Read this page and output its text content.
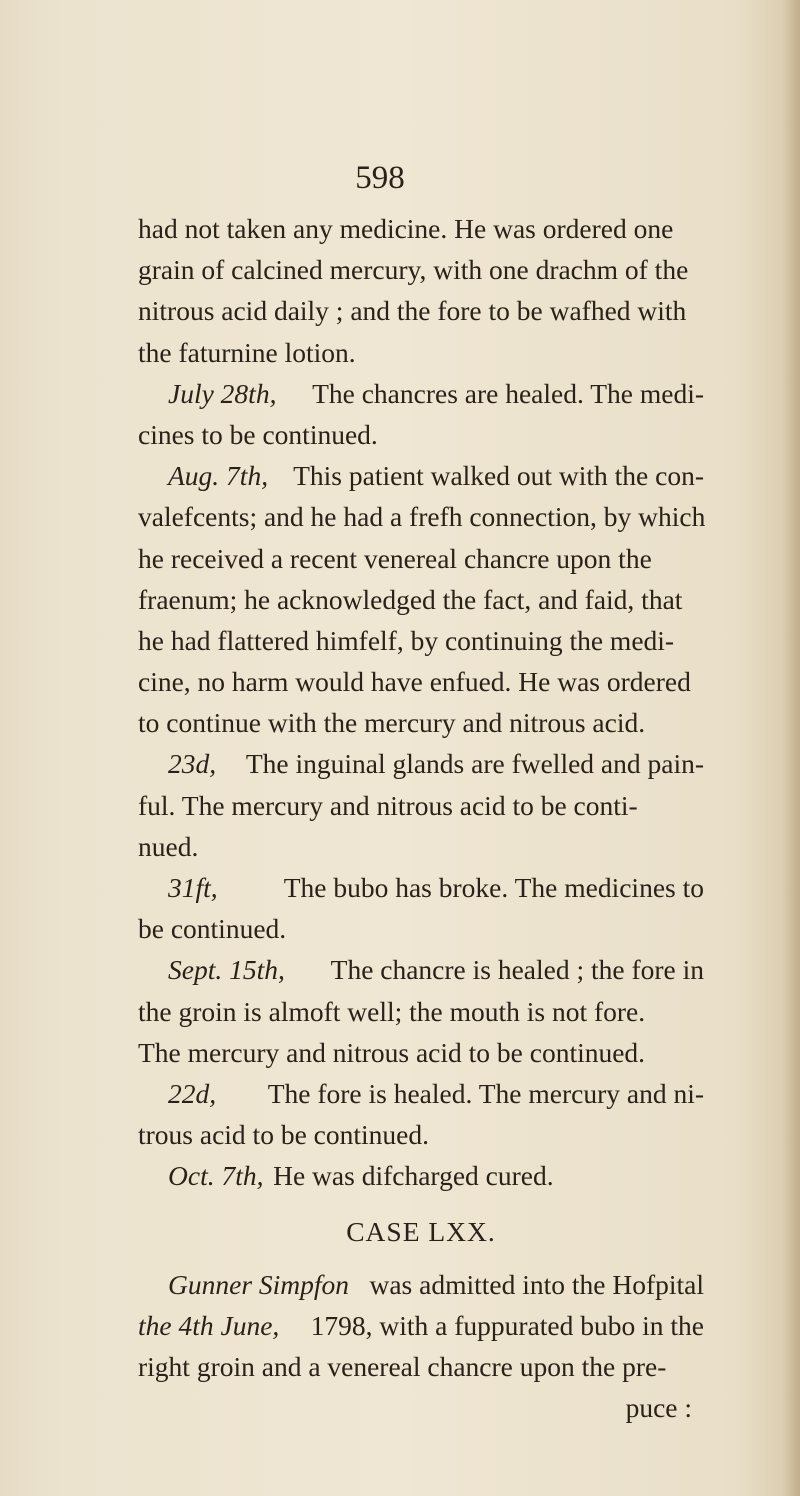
598
had not taken any medicine. He was ordered one
grain of calcined mercury, with one drachm of the
nitrous acid daily ; and the fore to be wafhed with
the faturnine lotion.
July 28th, The chancres are healed. The medi-
cines to be continued.
Aug. 7th, This patient walked out with the con-
valefcents; and he had a frefh connection, by which
he received a recent venereal chancre upon the
fraenum; he acknowledged the fact, and faid, that
he had flattered himfelf, by continuing the medi-
cine, no harm would have enfued. He was ordered
to continue with the mercury and nitrous acid.
23d, The inguinal glands are fwelled and pain-
ful. The mercury and nitrous acid to be conti-
nued.
31ft, The bubo has broke. The medicines to
be continued.
Sept. 15th, The chancre is healed ; the fore in
the groin is almoft well; the mouth is not fore.
The mercury and nitrous acid to be continued.
22d, The fore is healed. The mercury and ni-
trous acid to be continued.
Oct. 7th, He was difcharged cured.
CASE LXX.
Gunner Simpfon was admitted into the Hofpital
the 4th June, 1798, with a fuppurated bubo in the
right groin and a venereal chancre upon the pre-
puce :
